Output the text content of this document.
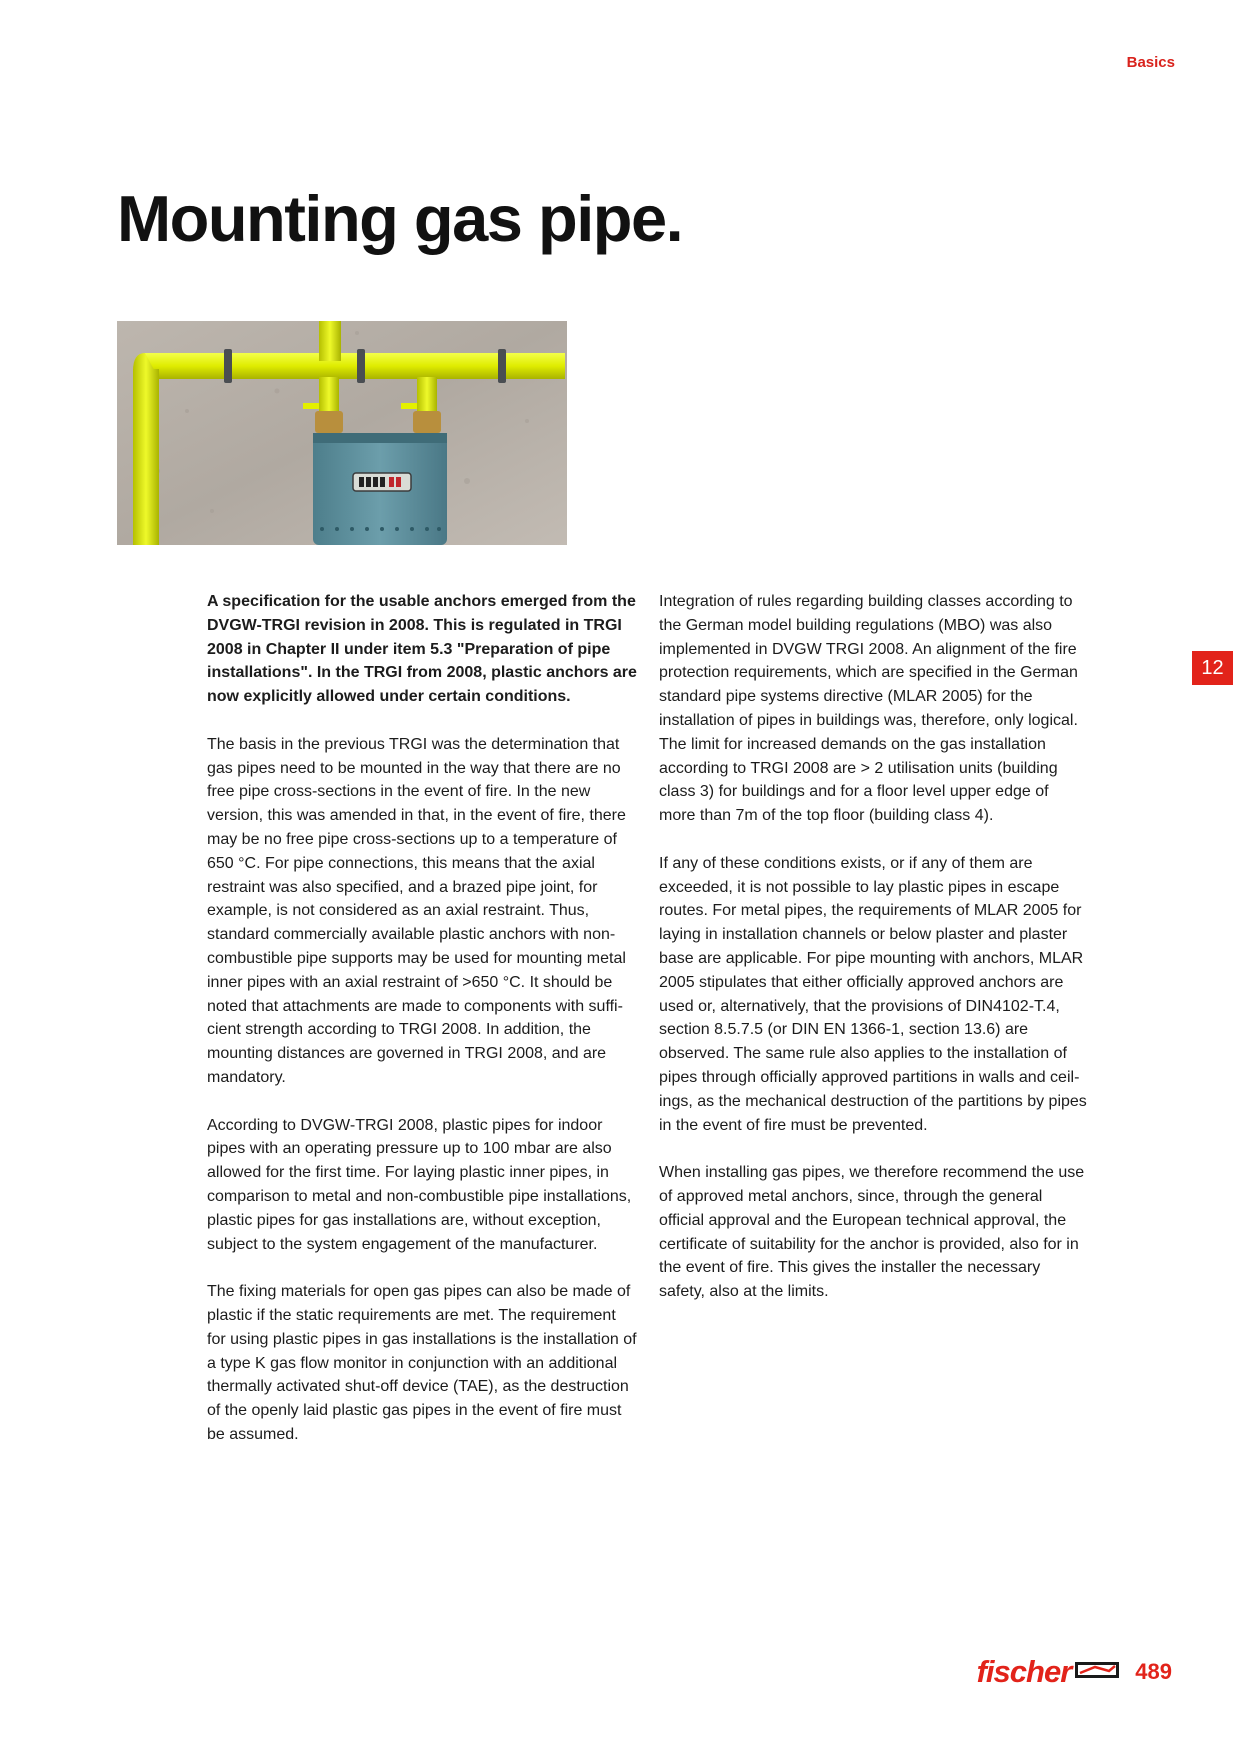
Basics
Mounting gas pipe.
12

A specification for the usable anchors emerged from the DVGW-TRGI revision in 2008. This is regulated in TRGI 2008 in Chapter II under item 5.3 "Preparation of pipe installations". In the TRGI from 2008, plastic anchors are now explicitly allowed under certain conditions.

The basis in the previous TRGI was the determination that gas pipes need to be mounted in the way that there are no free pipe cross-sections in the event of fire. In the new version, this was amended in that, in the event of fire, there may be no free pipe cross-sections up to a temperature of 650 °C. For pipe connections, this means that the axial restraint was also specified, and a brazed pipe joint, for example, is not considered as an axial restraint. Thus, standard commercially available plastic anchors with non-combustible pipe supports may be used for mounting metal inner pipes with an axial restraint of >650 °C. It should be noted that attachments are made to components with sufficient strength according to TRGI 2008. In addition, the mounting distances are governed in TRGI 2008, and are mandatory.

According to DVGW-TRGI 2008, plastic pipes for indoor pipes with an operating pressure up to 100 mbar are also allowed for the first time. For laying plastic inner pipes, in comparison to metal and non-combustible pipe installations, plastic pipes for gas installations are, without exception, subject to the system engagement of the manufacturer.

The fixing materials for open gas pipes can also be made of plastic if the static requirements are met. The requirement for using plastic pipes in gas installations is the installation of a type K gas flow monitor in conjunction with an additional thermally activated shut-off device (TAE), as the destruction of the openly laid plastic gas pipes in the event of fire must be assumed.

Integration of rules regarding building classes according to the German model building regulations (MBO) was also implemented in DVGW TRGI 2008. An alignment of the fire protection requirements, which are specified in the German standard pipe systems directive (MLAR 2005) for the installation of pipes in buildings was, therefore, only logical. The limit for increased demands on the gas installation according to TRGI 2008 are > 2 utilisation units (building class 3) for buildings and for a floor level upper edge of more than 7m of the top floor (building class 4).

If any of these conditions exists, or if any of them are exceeded, it is not possible to lay plastic pipes in escape routes. For metal pipes, the requirements of MLAR 2005 for laying in installation channels or below plaster and plaster base are applicable. For pipe mounting with anchors, MLAR 2005 stipulates that either officially approved anchors are used or, alternatively, that the provisions of DIN4102-T.4, section 8.5.7.5 (or DIN EN 1366-1, section 13.6) are observed. The same rule also applies to the installation of pipes through officially approved partitions in walls and ceilings, as the mechanical destruction of the partitions by pipes in the event of fire must be prevented.

When installing gas pipes, we therefore recommend the use of approved metal anchors, since, through the general official approval and the European technical approval, the certificate of suitability for the anchor is provided, also for in the event of fire. This gives the installer the necessary safety, also at the limits.

fischer	489
